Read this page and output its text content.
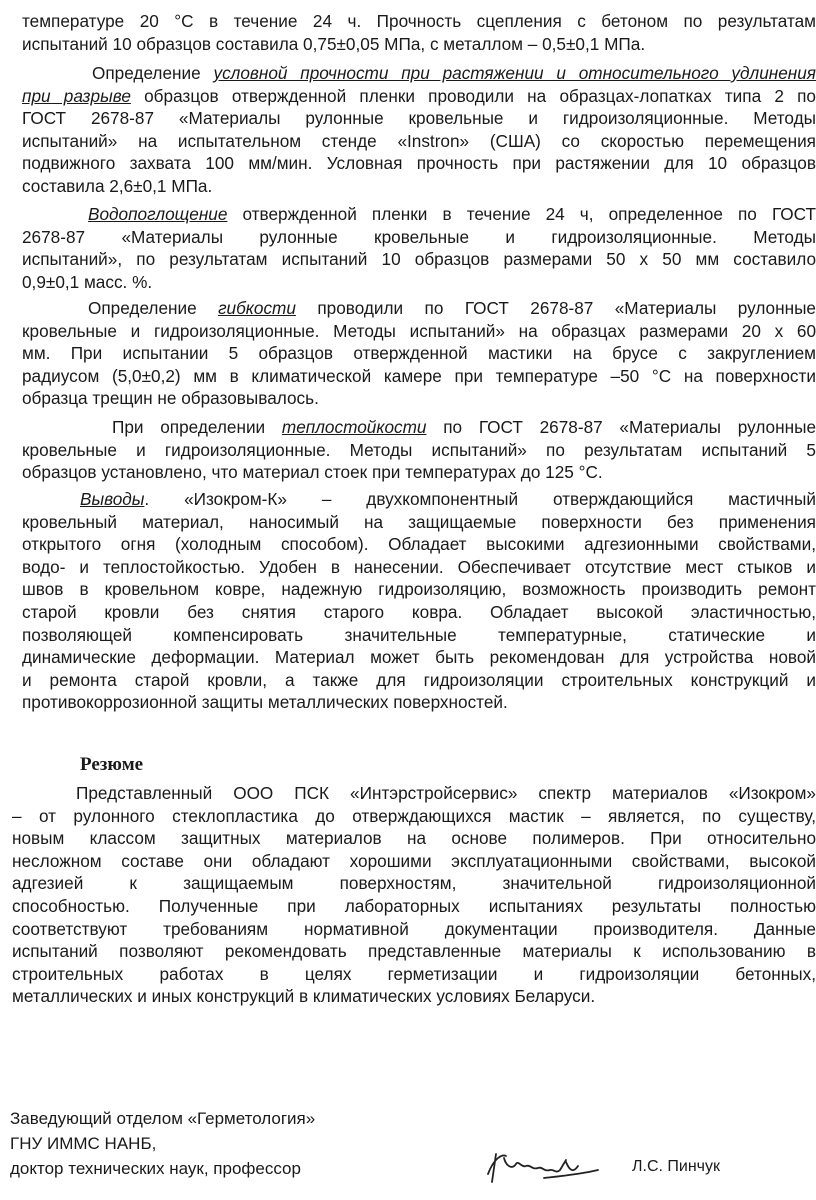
температуре 20 °С в течение 24 ч. Прочность сцепления с бетоном по результатам
испытаний 10 образцов составила 0,75±0,05 МПа, с металлом – 0,5±0,1 МПа.
Определение условной прочности при растяжении и относительного удлинения
при разрыве образцов отвержденной пленки проводили на образцах-лопатках типа 2 по
ГОСТ 2678-87 «Материалы рулонные кровельные и гидроизоляционные. Методы
испытаний» на испытательном стенде «Instron» (США) со скоростью перемещения
подвижного захвата 100 мм/мин. Условная прочность при растяжении для 10 образцов
составила 2,6±0,1 МПа.
Водопоглощение отвержденной пленки в течение 24 ч, определенное по ГОСТ
2678-87 «Материалы рулонные кровельные и гидроизоляционные. Методы
испытаний», по результатам испытаний 10 образцов размерами 50 х 50 мм составило
0,9±0,1 масс. %.
Определение гибкости проводили по ГОСТ 2678-87 «Материалы рулонные
кровельные и гидроизоляционные. Методы испытаний» на образцах размерами 20 х 60
мм. При испытании 5 образцов отвержденной мастики на брусе с закруглением
радиусом (5,0±0,2) мм в климатической камере при температуре –50 °С на поверхности
образца трещин не образовывалось.
При определении теплостойкости по ГОСТ 2678-87 «Материалы рулонные
кровельные и гидроизоляционные. Методы испытаний» по результатам испытаний 5
образцов установлено, что материал стоек при температурах до 125 °С.
Выводы. «Изокром-К» – двухкомпонентный отверждающийся мастичный
кровельный материал, наносимый на защищаемые поверхности без применения
открытого огня (холодным способом). Обладает высокими адгезионными свойствами,
водо- и теплостойкостью. Удобен в нанесении. Обеспечивает отсутствие мест стыков и
швов в кровельном ковре, надежную гидроизоляцию, возможность производить ремонт
старой кровли без снятия старого ковра. Обладает высокой эластичностью,
позволяющей компенсировать значительные температурные, статические и
динамические деформации. Материал может быть рекомендован для устройства новой
и ремонта старой кровли, а также для гидроизоляции строительных конструкций и
противокоррозионной защиты металлических поверхностей.
Резюме
Представленный ООО ПСК «Интэрстройсервис» спектр материалов «Изокром»
– от рулонного стеклопластика до отверждающихся мастик – является, по существу,
новым классом защитных материалов на основе полимеров. При относительно
несложном составе они обладают хорошими эксплуатационными свойствами, высокой
адгезией к защищаемым поверхностям, значительной гидроизоляционной
способностью. Полученные при лабораторных испытаниях результаты полностью
соответствуют требованиям нормативной документации производителя. Данные
испытаний позволяют рекомендовать представленные материалы к использованию в
строительных работах в целях герметизации и гидроизоляции бетонных,
металлических и иных конструкций в климатических условиях Беларуси.
Заведующий отделом «Герметология»
ГНУ ИММС НАНБ,
доктор технических наук, профессор	Л.С. Пинчук
